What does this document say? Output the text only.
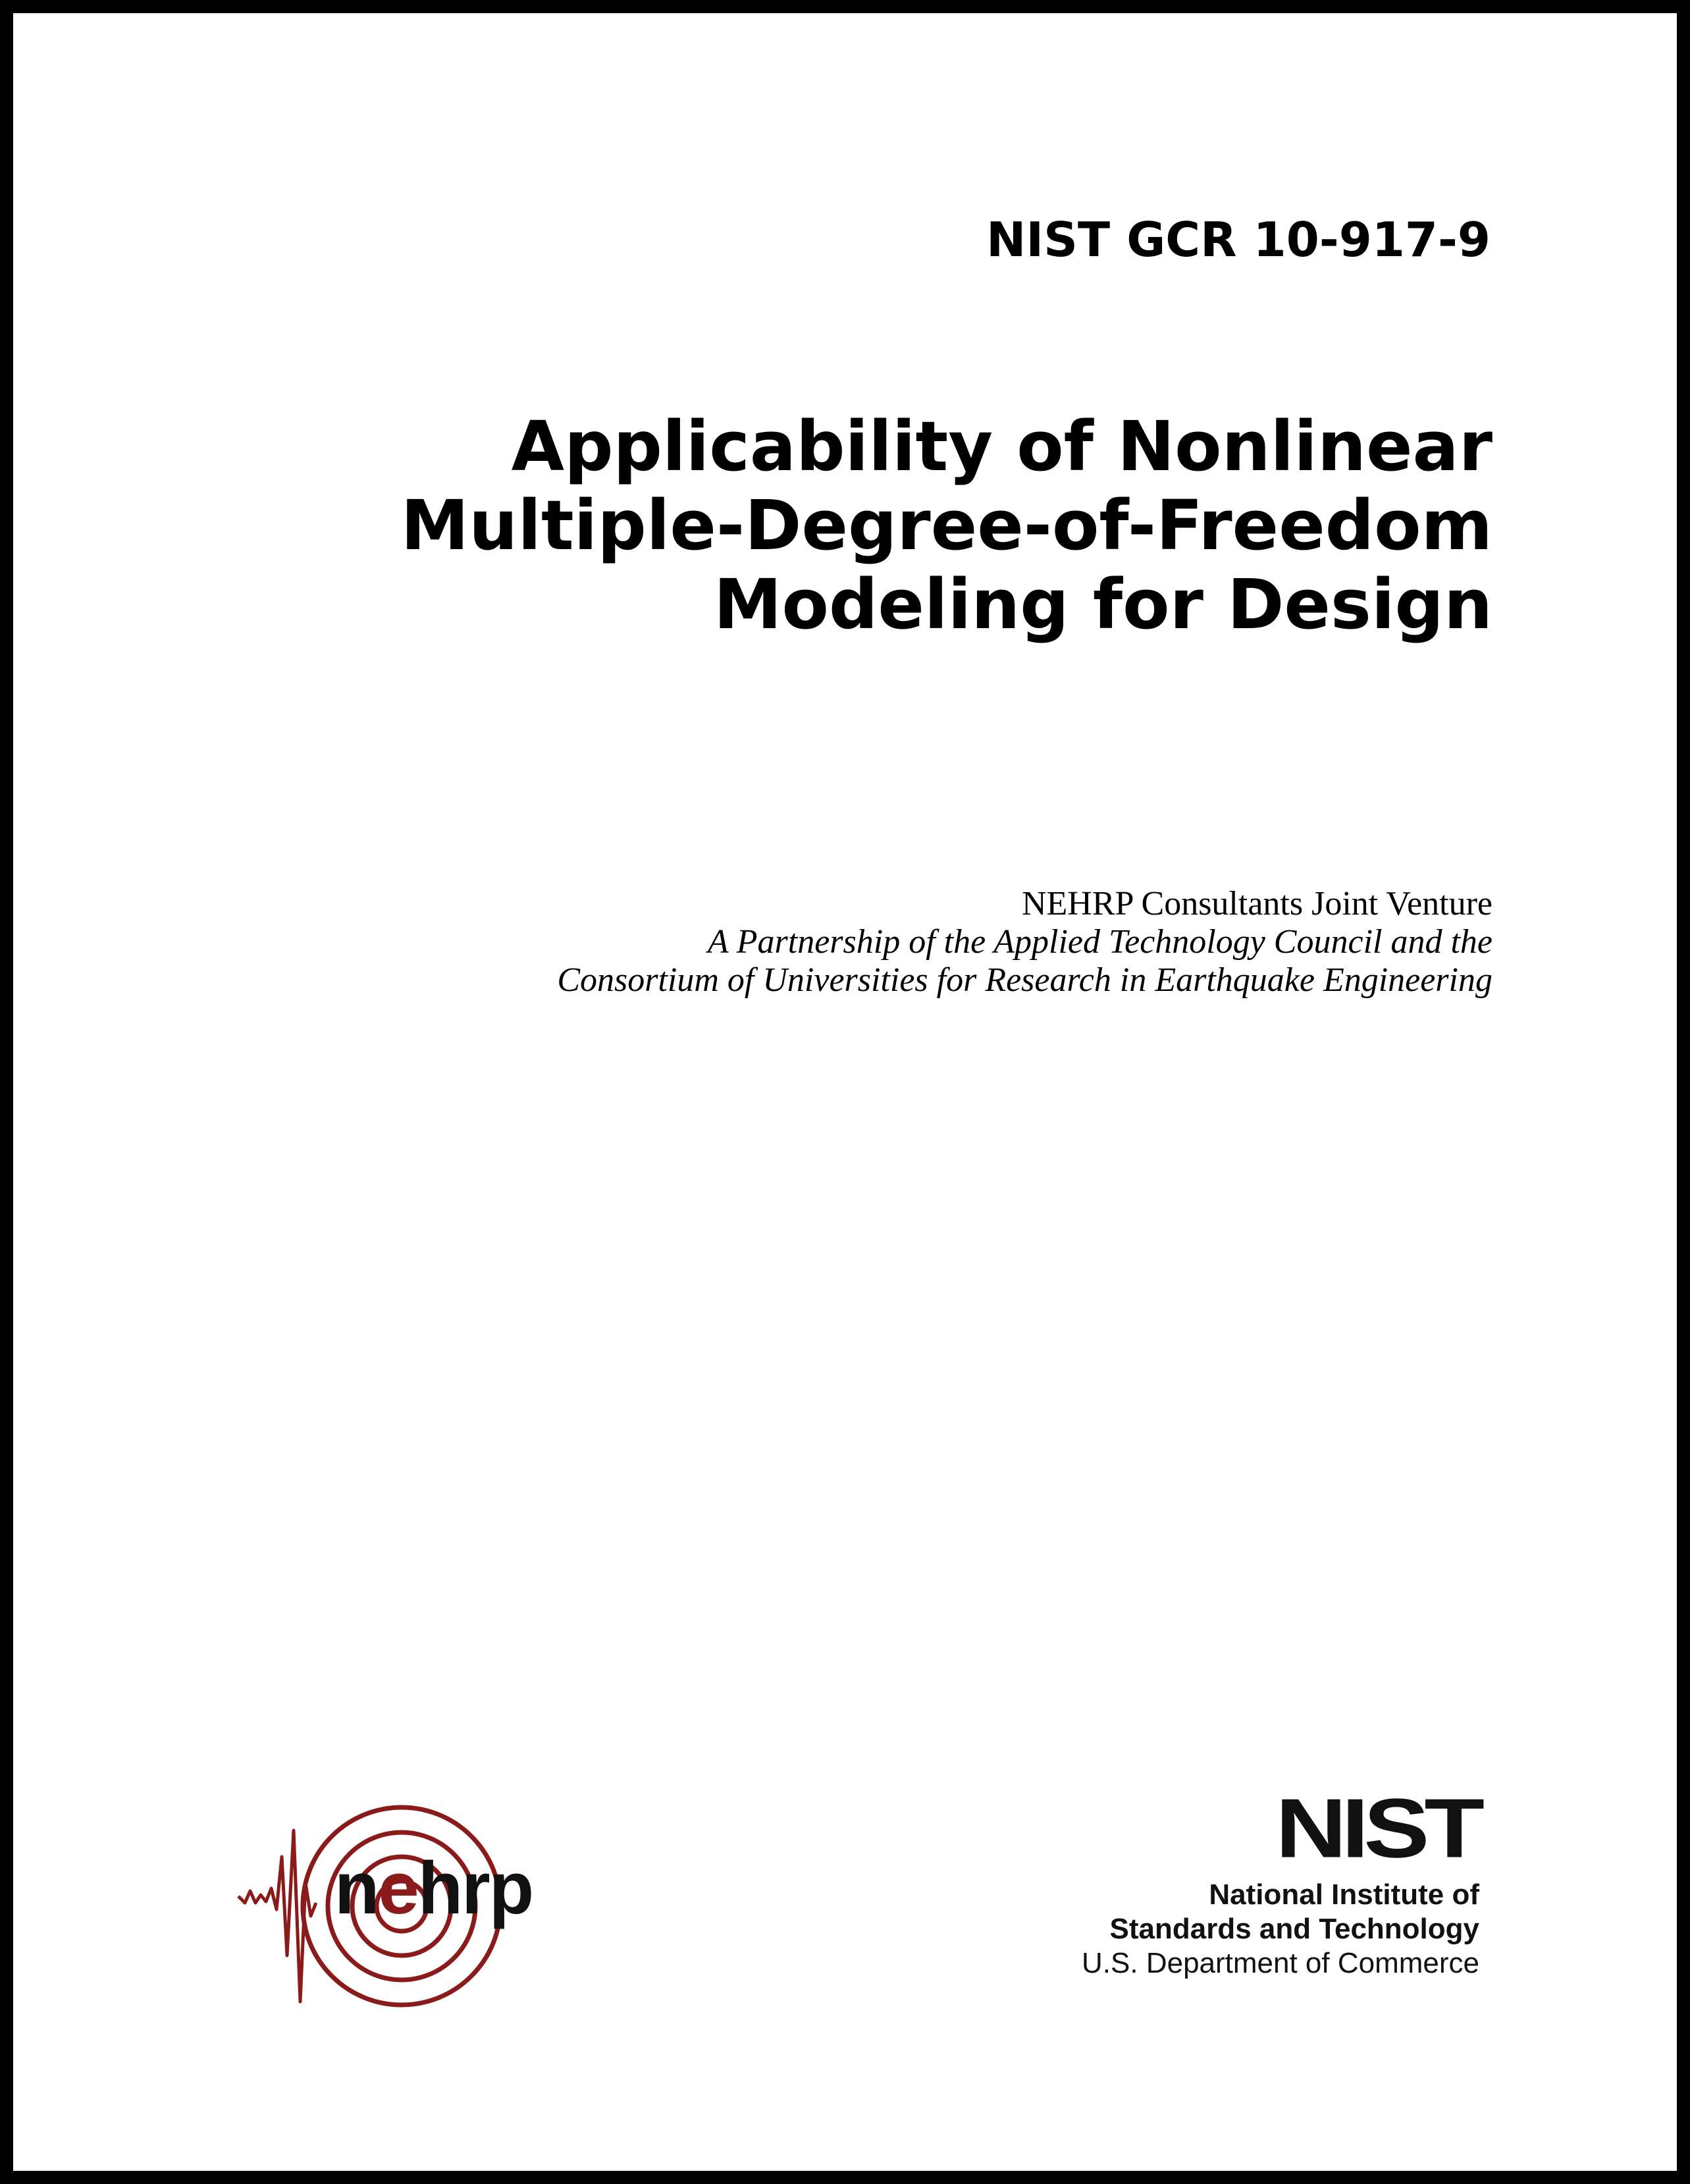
NIST GCR 10-917-9
Applicability of Nonlinear
Multiple-Degree-of-Freedom
Modeling for Design
NEHRP Consultants Joint Venture
A Partnership of the Applied Technology Council and the
Consortium of Universities for Research in Earthquake Engineering
nehrp
NIST
National Institute of
Standards and Technology
U.S. Department of Commerce
